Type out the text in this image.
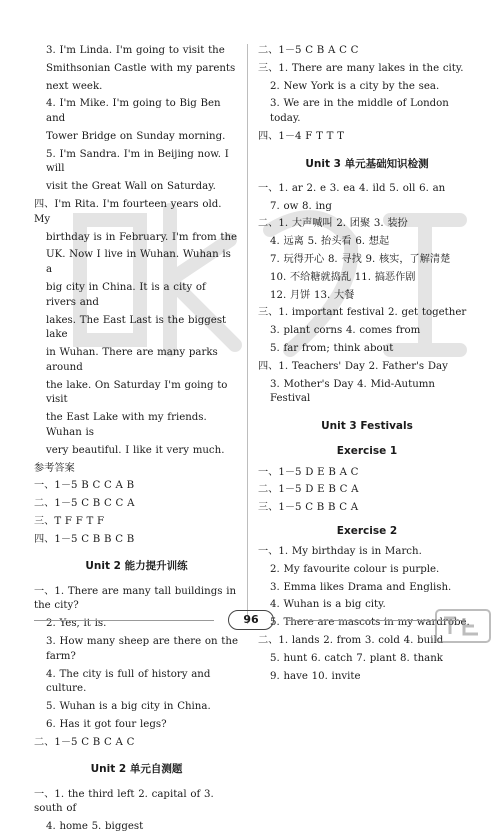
3. I'm Linda. I'm going to visit the
Smithsonian Castle with my parents
next week.
4. I'm Mike. I'm going to Big Ben and
Tower Bridge on Sunday morning.
5. I'm Sandra. I'm in Beijing now. I will
visit the Great Wall on Saturday.
四、I'm Rita. I'm fourteen years old. My
birthday is in February. I'm from the
UK. Now I live in Wuhan. Wuhan is a
big city in China. It is a city of rivers and
lakes. The East Last is the biggest lake
in Wuhan. There are many parks around
the lake. On Saturday I'm going to visit
the East Lake with my friends. Wuhan is
very beautiful. I like it very much.
参考答案
一、1－5 B C C A B
二、1－5 C B C C A
三、T F F T F
四、1－5 C B B C B
Unit 2 能力提升训练
一、1. There are many tall buildings in the city?
2. Yes, it is.
3. How many sheep are there on the farm?
4. The city is full of history and culture.
5. Wuhan is a big city in China.
6. Has it got four legs?
二、1－5 C B C A C
Unit 2 单元自测题
一、1. the third left 2. capital of 3. south of
4. home 5. biggest
二、1－5 C B A C C
三、1. There are many lakes in the city.
2. New York is a city by the sea.
3. We are in the middle of London today.
四、1－4 F T T T
Unit 3 单元基础知识检测
一、1. ar 2. e 3. ea 4. ild 5. oll 6. an
7. ow 8. ing
二、1. 大声喊叫 2. 团聚 3. 装扮
4. 远离 5. 抬头看 6. 想起
7. 玩得开心 8. 寻找 9. 核实，了解清楚
10. 不给糖就捣乱 11. 搞恶作剧
12. 月饼 13. 大餐
三、1. important festival 2. get together
3. plant corns 4. comes from
5. far from; think about
四、1. Teachers' Day 2. Father's Day
3. Mother's Day 4. Mid-Autumn Festival
Unit 3 Festivals
Exercise 1
一、1－5 D E B A C
二、1－5 D E B C A
三、1－5 C B B C A
Exercise 2
一、1. My birthday is in March.
2. My favourite colour is purple.
3. Emma likes Drama and English.
4. Wuhan is a big city.
5. There are mascots in my wardrobe.
二、1. lands 2. from 3. cold 4. build
5. hunt 6. catch 7. plant 8. thank
9. have 10. invite
96
